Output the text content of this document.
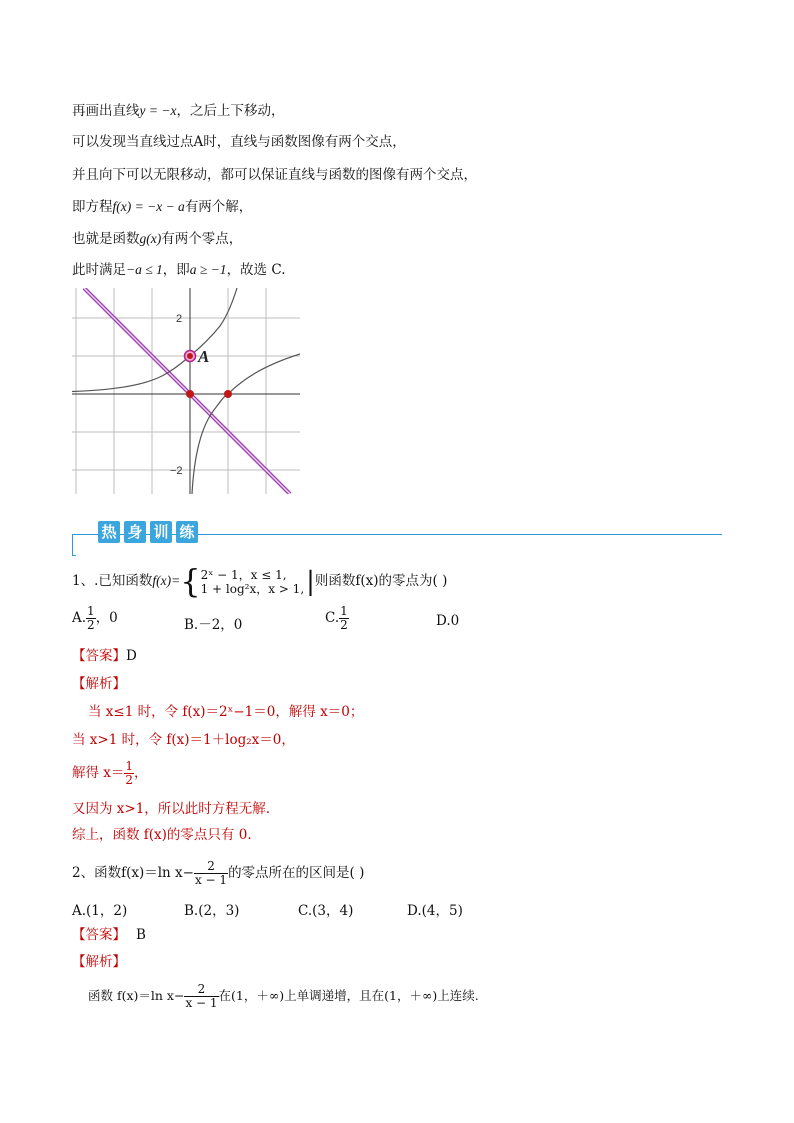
再画出直线y = −x，之后上下移动，
可以发现当直线过点A时，直线与函数图像有两个交点，
并且向下可以无限移动，都可以保证直线与函数的图像有两个交点，
即方程f(x) = −x − a有两个解，
也就是函数g(x)有两个零点，
此时满足−a ≤ 1，即a ≥ −1，故选 C.
2
−2
A
热 身 训 练
1、.已知函数f(x)={ 2ˣ − 1，x ≤ 1,
1 + log²x，x > 1, |则函数f(x)的零点为( )
A. $\frac{1}{2}$ ，0	B.－2，0	C. $\frac{1}{2}$	D.0
【答案】D
【解析】
当 x≤1 时，令 f(x)＝2ˣ−1＝0，解得 x＝0；
当 x>1 时，令 f(x)＝1＋log₂x＝0，
解得 $x= \frac{1}{2}$ ，
又因为 x>1，所以此时方程无解.
综上，函数 f(x)的零点只有 0.
2、函数f(x)＝ln $x- \frac{2}{x - 1}$ 的零点所在的区间是( )
A.(1，2)	B.(2，3)	C.(3，4)	D.(4，5)
【答案】 B
【解析】
函数 f(x)＝ln $x- \frac{2}{x - 1}$ 在(1，＋∞)上单调递增，且在(1，＋∞)上连续.
